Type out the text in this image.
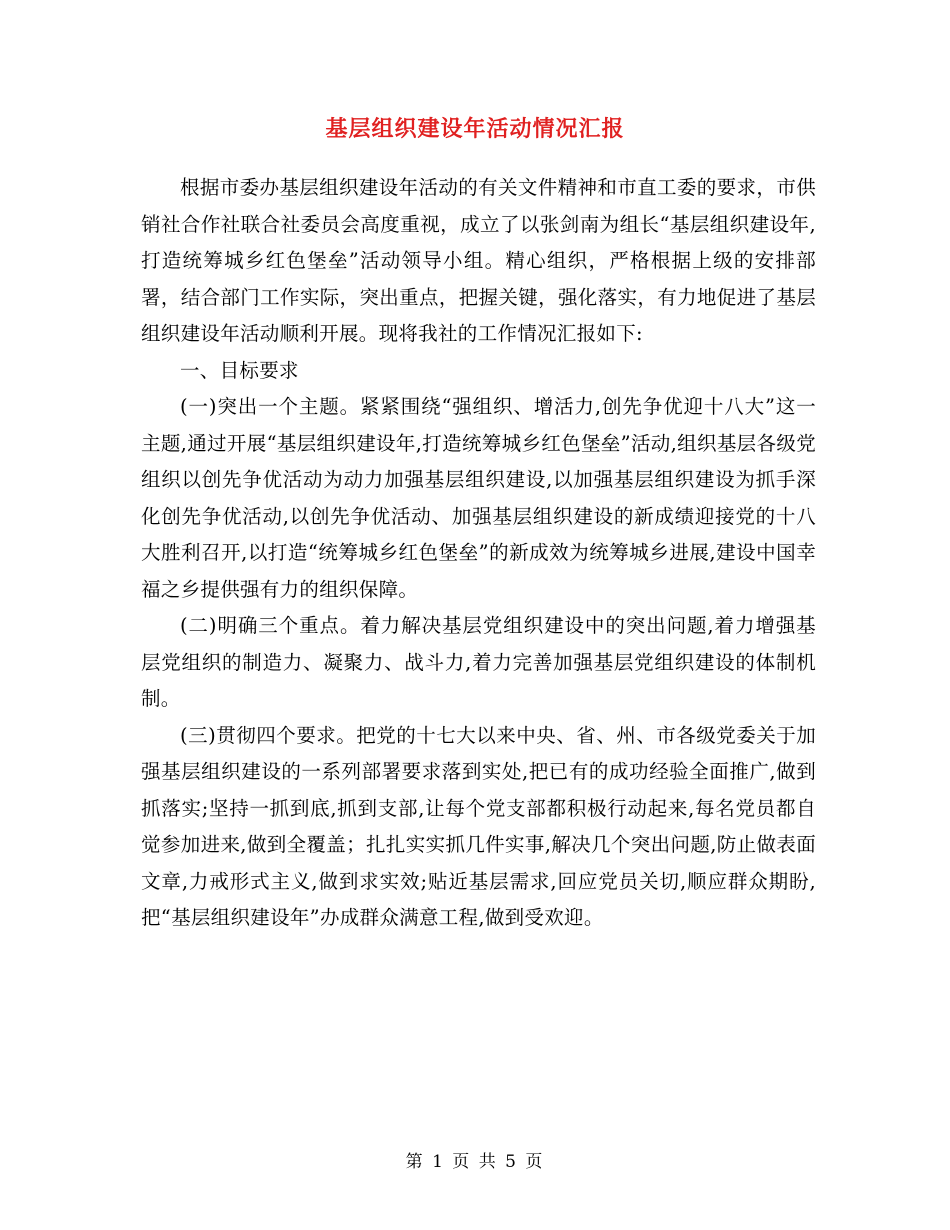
基层组织建设年活动情况汇报

根据市委办基层组织建设年活动的有关文件精神和市直工委的要求，市供销社合作社联合社委员会高度重视，成立了以张剑南为组长“基层组织建设年,打造统筹城乡红色堡垒”活动领导小组。精心组织，严格根据上级的安排部署，结合部门工作实际，突出重点，把握关键，强化落实，有力地促进了基层组织建设年活动顺利开展。现将我社的工作情况汇报如下:

一、目标要求

(一)突出一个主题。紧紧围绕“强组织、增活力,创先争优迎十八大”这一主题,通过开展“基层组织建设年,打造统筹城乡红色堡垒”活动,组织基层各级党组织以创先争优活动为动力加强基层组织建设,以加强基层组织建设为抓手深化创先争优活动,以创先争优活动、加强基层组织建设的新成绩迎接党的十八大胜利召开,以打造“统筹城乡红色堡垒”的新成效为统筹城乡进展,建设中国幸福之乡提供强有力的组织保障。

(二)明确三个重点。着力解决基层党组织建设中的突出问题,着力增强基层党组织的制造力、凝聚力、战斗力,着力完善加强基层党组织建设的体制机制。

(三)贯彻四个要求。把党的十七大以来中央、省、州、市各级党委关于加强基层组织建设的一系列部署要求落到实处,把已有的成功经验全面推广,做到抓落实;坚持一抓到底,抓到支部,让每个党支部都积极行动起来,每名党员都自觉参加进来,做到全覆盖；扎扎实实抓几件实事,解决几个突出问题,防止做表面文章,力戒形式主义,做到求实效;贴近基层需求,回应党员关切,顺应群众期盼,把“基层组织建设年”办成群众满意工程,做到受欢迎。

第 1 页 共 5 页
